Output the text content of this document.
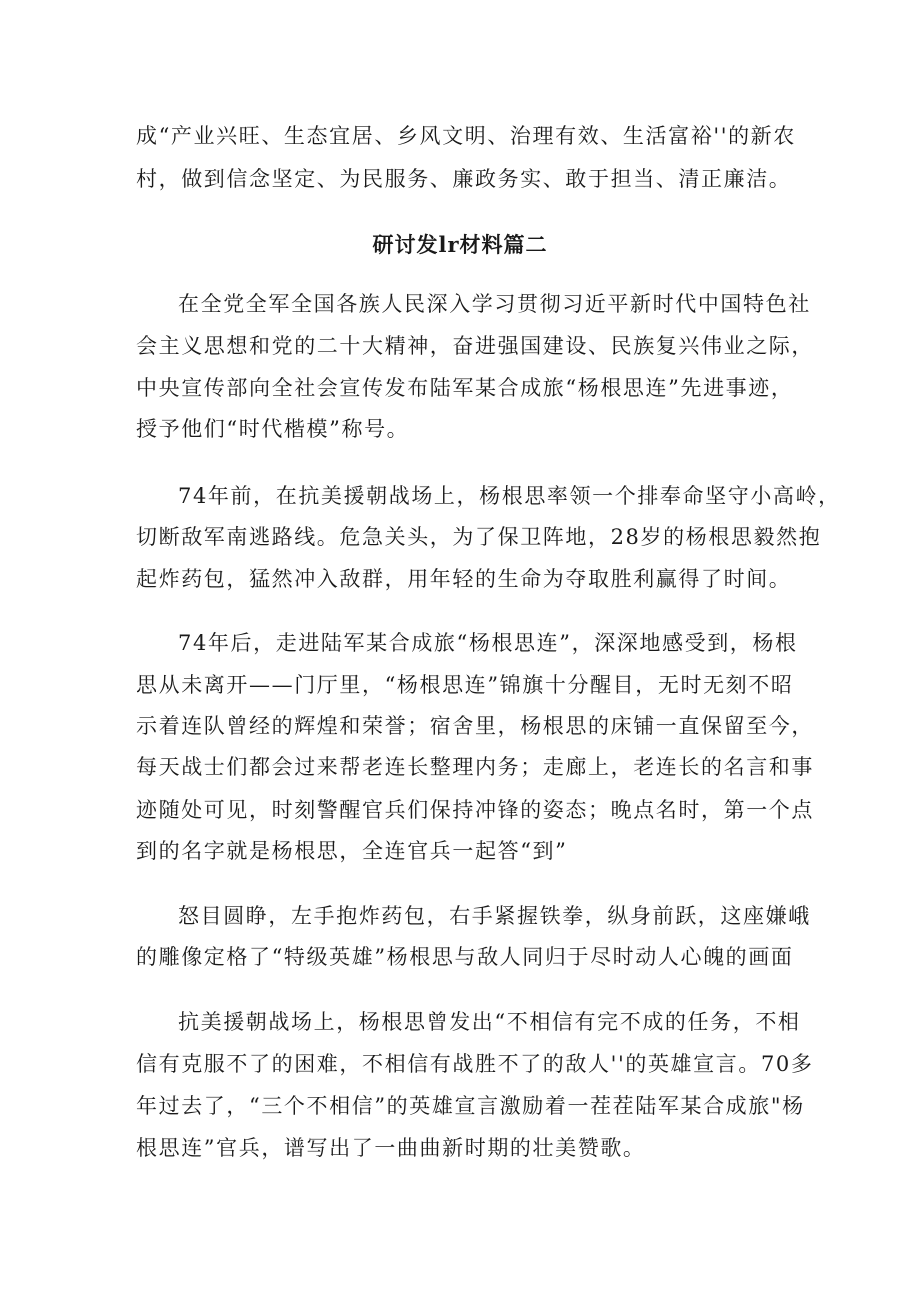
成“产业兴旺、生态宜居、乡风文明、治理有效、生活富裕''的新农
村，做到信念坚定、为民服务、廉政务实、敢于担当、清正廉洁。
研讨发lr材料篇二
在全党全军全国各族人民深入学习贯彻习近平新时代中国特色社
会主义思想和党的二十大精神，奋进强国建设、民族复兴伟业之际，
中央宣传部向全社会宣传发布陆军某合成旅“杨根思连”先进事迹，
授予他们“时代楷模”称号。
74年前，在抗美援朝战场上，杨根思率领一个排奉命坚守小高岭，
切断敌军南逃路线。危急关头，为了保卫阵地，28岁的杨根思毅然抱
起炸药包，猛然冲入敌群，用年轻的生命为夺取胜利赢得了时间。
74年后，走进陆军某合成旅“杨根思连”，深深地感受到，杨根
思从未离开——门厅里，“杨根思连”锦旗十分醒目，无时无刻不昭
示着连队曾经的辉煌和荣誉；宿舍里，杨根思的床铺一直保留至今，
每天战士们都会过来帮老连长整理内务；走廊上，老连长的名言和事
迹随处可见，时刻警醒官兵们保持冲锋的姿态；晚点名时，第一个点
到的名字就是杨根思，全连官兵一起答“到”
怒目圆睁，左手抱炸药包，右手紧握铁拳，纵身前跃，这座嫌峨
的雕像定格了“特级英雄”杨根思与敌人同归于尽时动人心魄的画面
抗美援朝战场上，杨根思曾发出“不相信有完不成的任务，不相
信有克服不了的困难，不相信有战胜不了的敌人''的英雄宣言。70多
年过去了，“三个不相信”的英雄宣言激励着一茬茬陆军某合成旅"杨
根思连”官兵，谱写出了一曲曲新时期的壮美赞歌。
